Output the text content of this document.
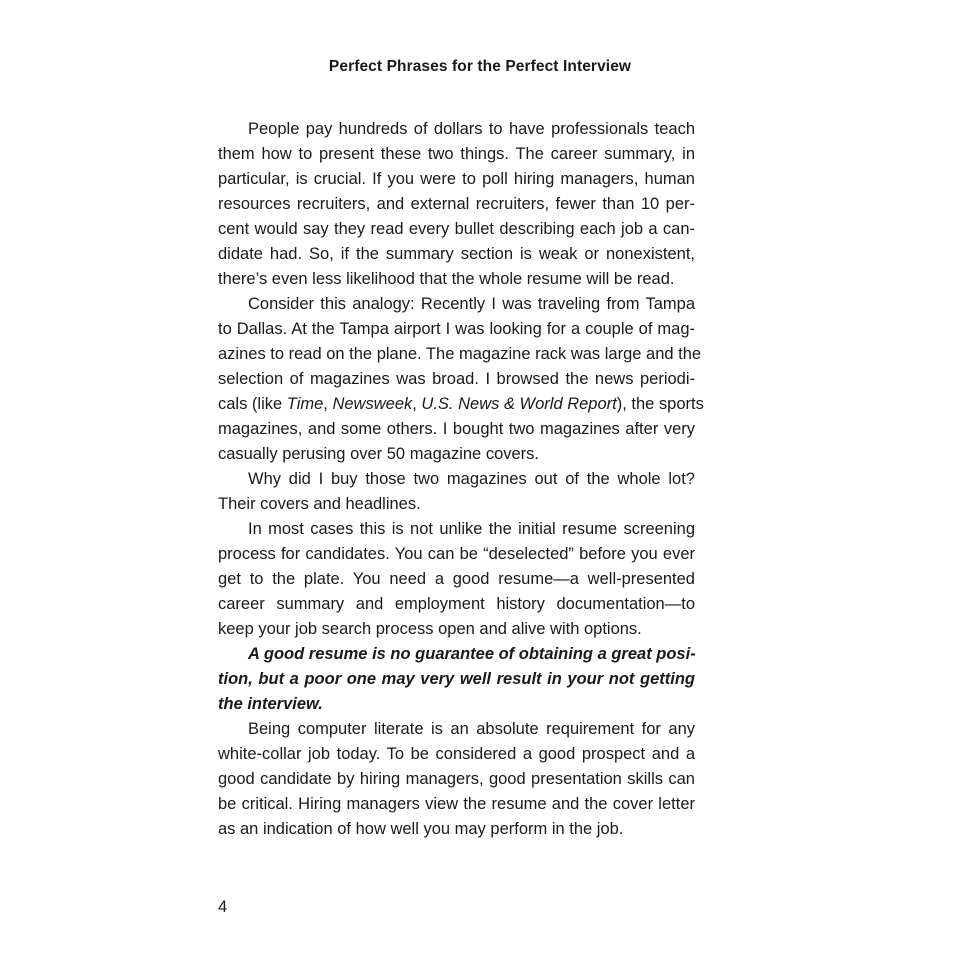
Perfect Phrases for the Perfect Interview
People pay hundreds of dollars to have professionals teach
them how to present these two things. The career summary, in
particular, is crucial. If you were to poll hiring managers, human
resources recruiters, and external recruiters, fewer than 10 per-
cent would say they read every bullet describing each job a can-
didate had. So, if the summary section is weak or nonexistent,
there’s even less likelihood that the whole resume will be read.
Consider this analogy: Recently I was traveling from Tampa
to Dallas. At the Tampa airport I was looking for a couple of mag-
azines to read on the plane. The magazine rack was large and the
selection of magazines was broad. I browsed the news periodi-
cals (like Time, Newsweek, U.S. News & World Report), the sports
magazines, and some others. I bought two magazines after very
casually perusing over 50 magazine covers.
Why did I buy those two magazines out of the whole lot?
Their covers and headlines.
In most cases this is not unlike the initial resume screening
process for candidates. You can be “deselected” before you ever
get to the plate. You need a good resume—a well-presented
career summary and employment history documentation—to
keep your job search process open and alive with options.
A good resume is no guarantee of obtaining a great posi-
tion, but a poor one may very well result in your not getting
the interview.
Being computer literate is an absolute requirement for any
white-collar job today. To be considered a good prospect and a
good candidate by hiring managers, good presentation skills can
be critical. Hiring managers view the resume and the cover letter
as an indication of how well you may perform in the job.
4
